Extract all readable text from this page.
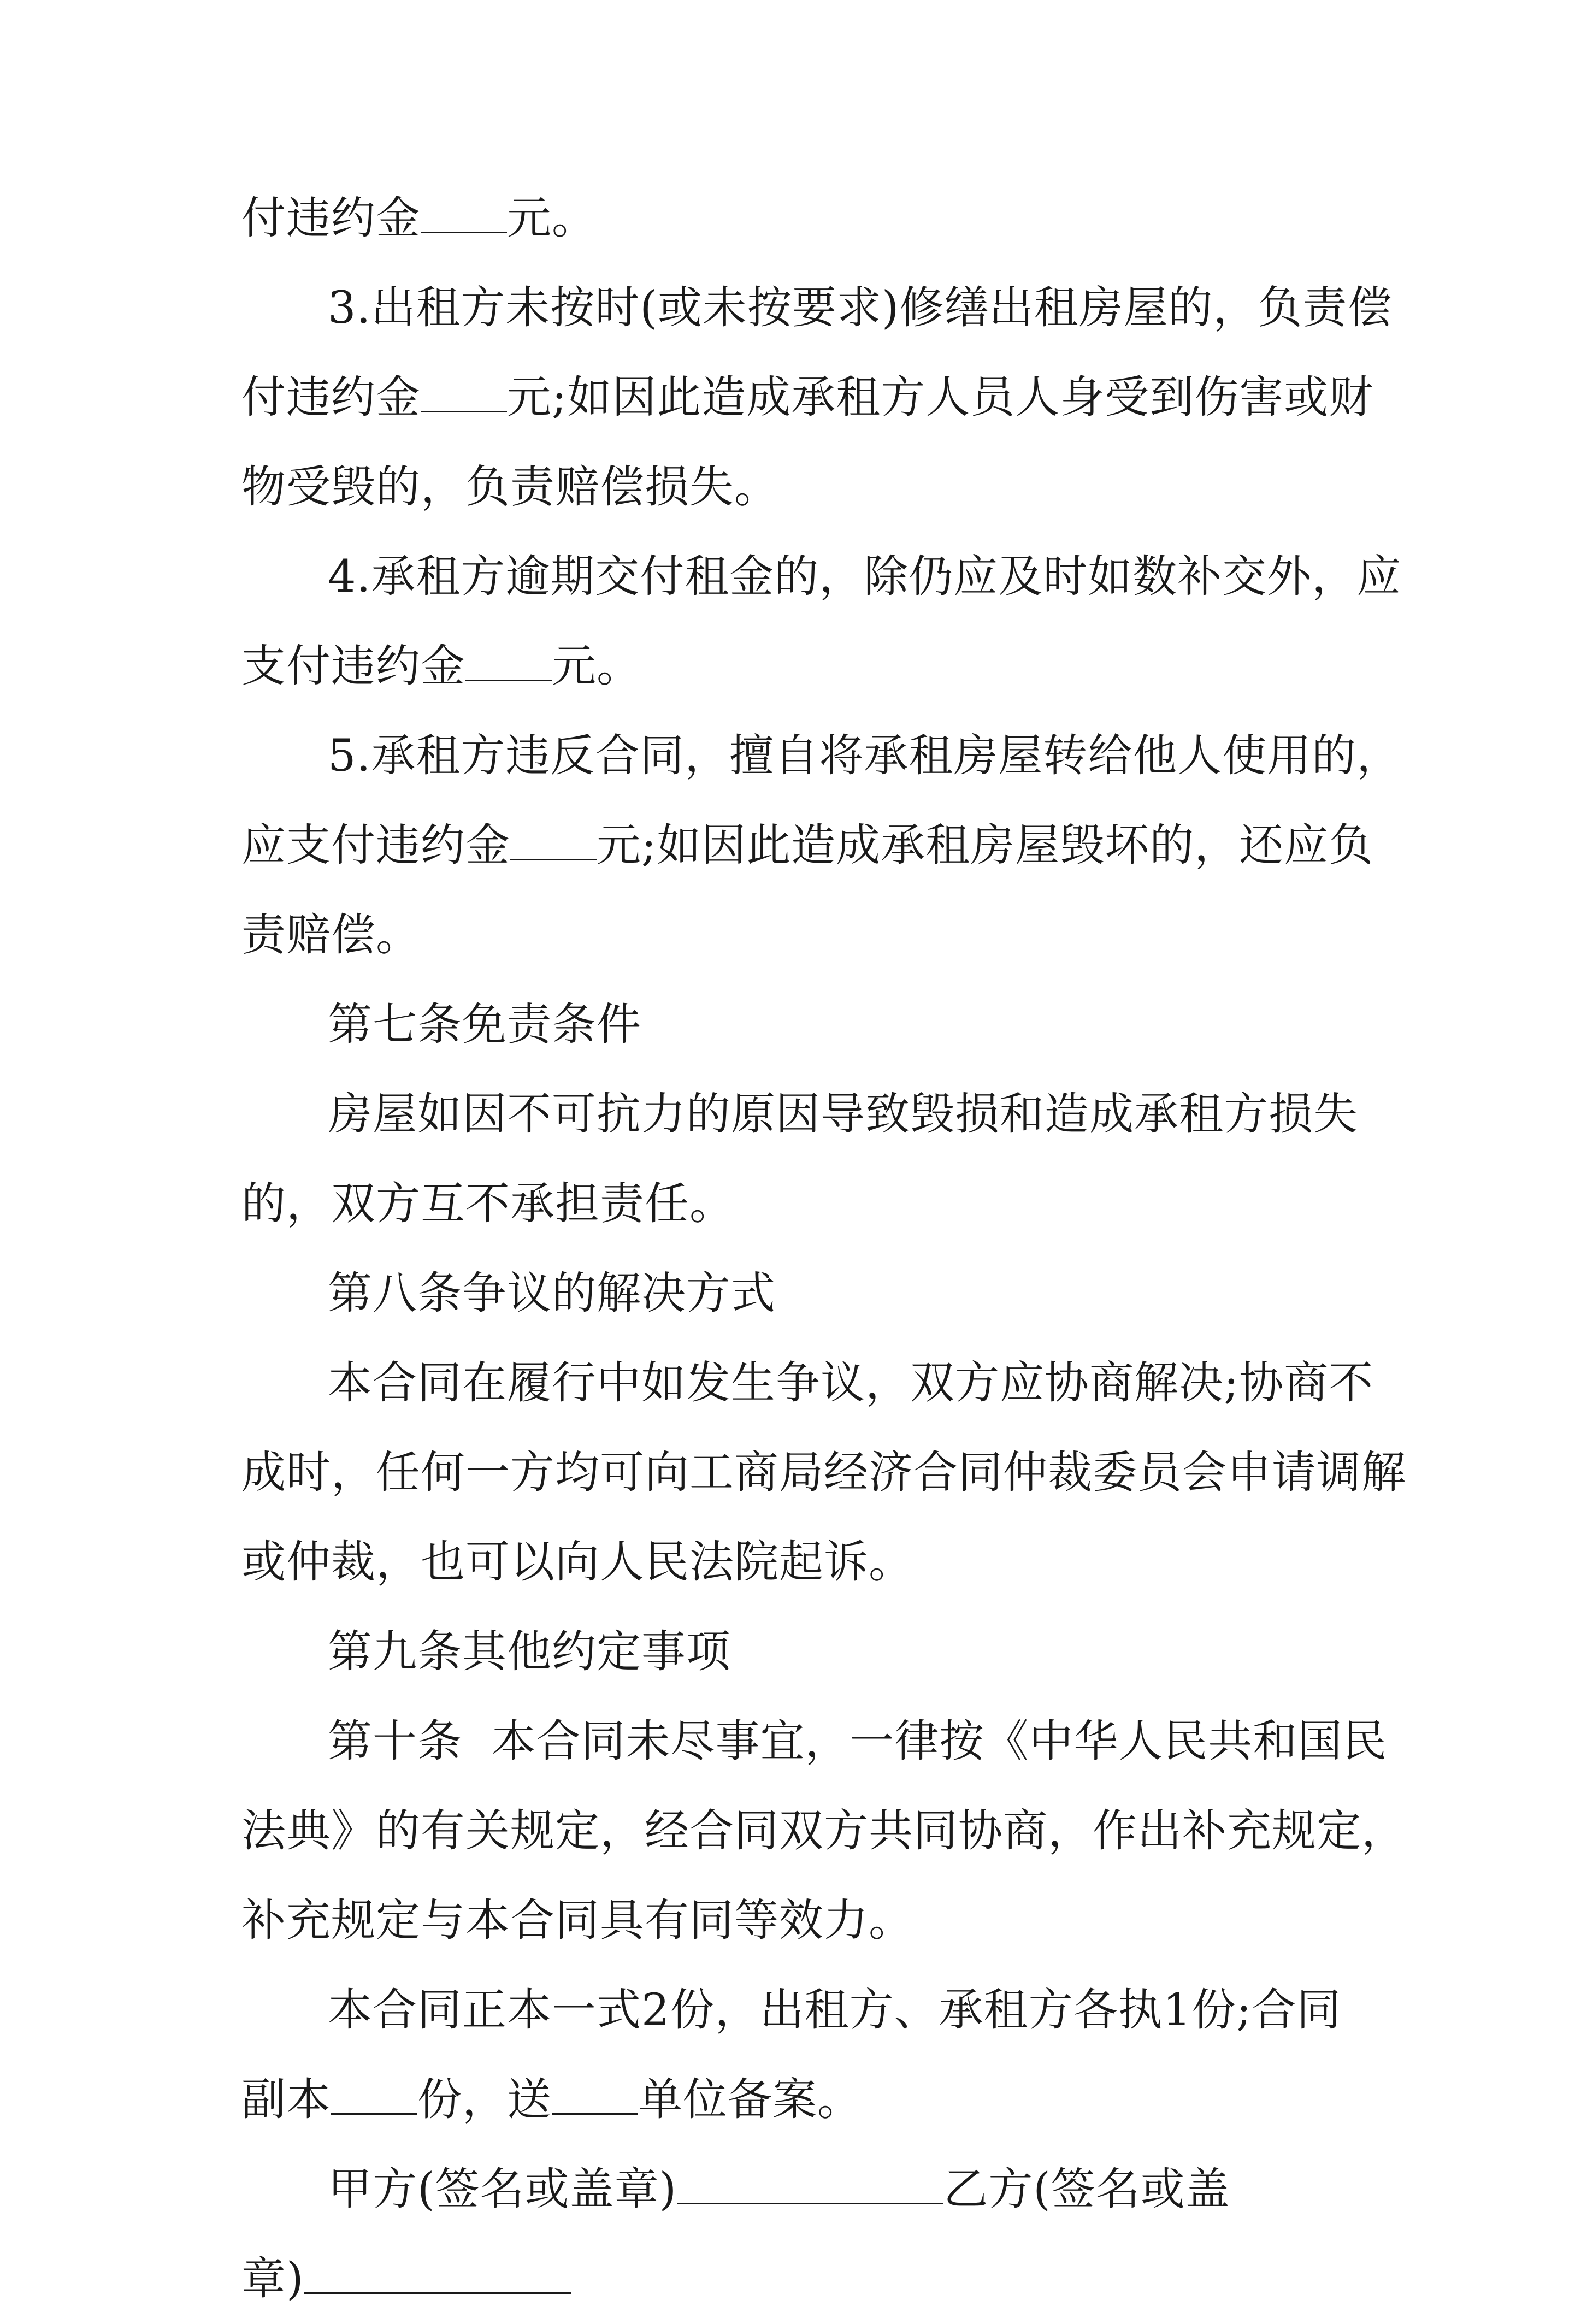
付违约金 元。
3.出租方未按时(或未按要求)修缮出租房屋的，负责偿
付违约金 元;如因此造成承租方人员人身受到伤害或财
物受毁的，负责赔偿损失。
4.承租方逾期交付租金的，除仍应及时如数补交外，应
支付违约金 元。
5.承租方违反合同，擅自将承租房屋转给他人使用的，
应支付违约金 元;如因此造成承租房屋毁坏的，还应负
责赔偿。
第七条免责条件
房屋如因不可抗力的原因导致毁损和造成承租方损失
的，双方互不承担责任。
第八条争议的解决方式
本合同在履行中如发生争议，双方应协商解决;协商不
成时，任何一方均可向工商局经济合同仲裁委员会申请调解
或仲裁，也可以向人民法院起诉。
第九条其他约定事项
第十条  本合同未尽事宜，一律按《中华人民共和国民
法典》的有关规定，经合同双方共同协商，作出补充规定，
补充规定与本合同具有同等效力。
本合同正本一式2份，出租方、承租方各执1份;合同
副本 份，送 单位备案。
甲方(签名或盖章)	乙方(签名或盖
章)
